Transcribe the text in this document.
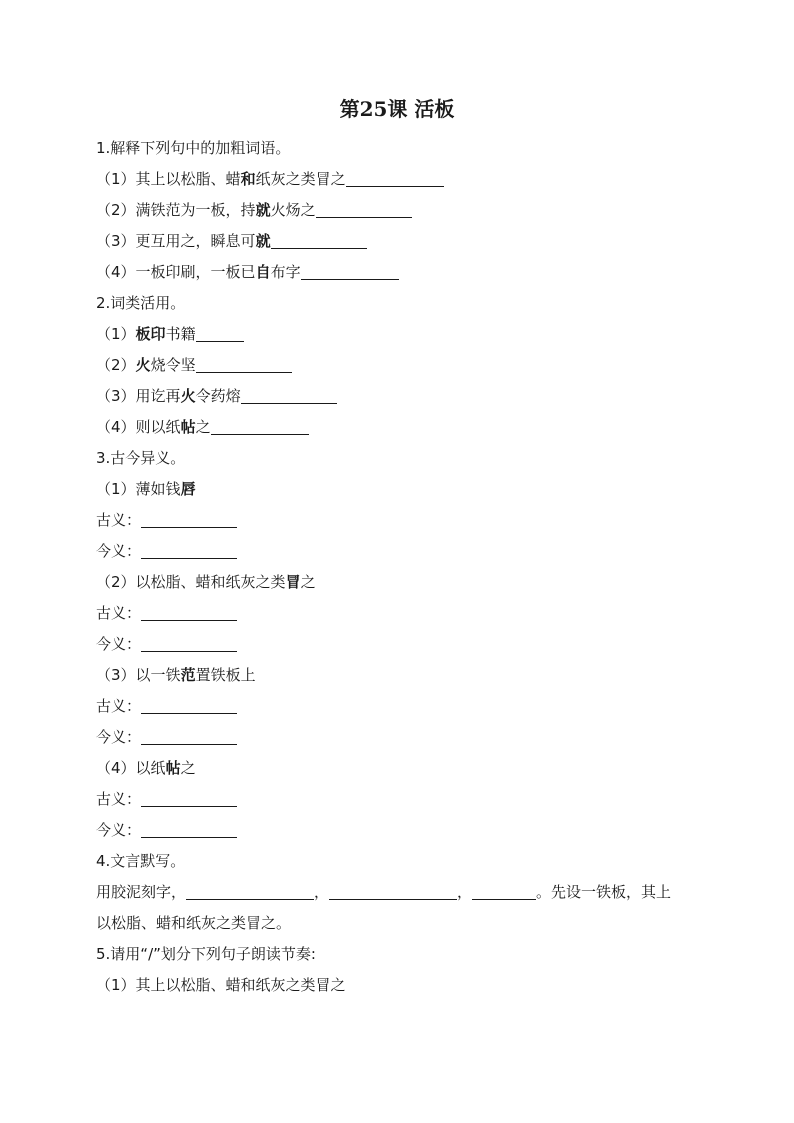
第25课 活板
1.解释下列句中的加粗词语。
（1）其上以松脂、蜡和纸灰之类冒之
（2）满铁范为一板，持就火炀之
（3）更互用之，瞬息可就
（4）一板印刷，一板已自布字
2.词类活用。
（1）板印书籍
（2）火烧令坚
（3）用讫再火令药熔
（4）则以纸帖之
3.古今异义。
（1）薄如钱唇
古义：
今义：
（2）以松脂、蜡和纸灰之类冒之
古义：
今义：
（3）以一铁范置铁板上
古义：
今义：
（4）以纸帖之
古义：
今义：
4.文言默写。
用胶泥刻字，	，	，	。先设一铁板，其上
以松脂、蜡和纸灰之类冒之。
5.请用“/”划分下列句子朗读节奏:
（1）其上以松脂、蜡和纸灰之类冒之
